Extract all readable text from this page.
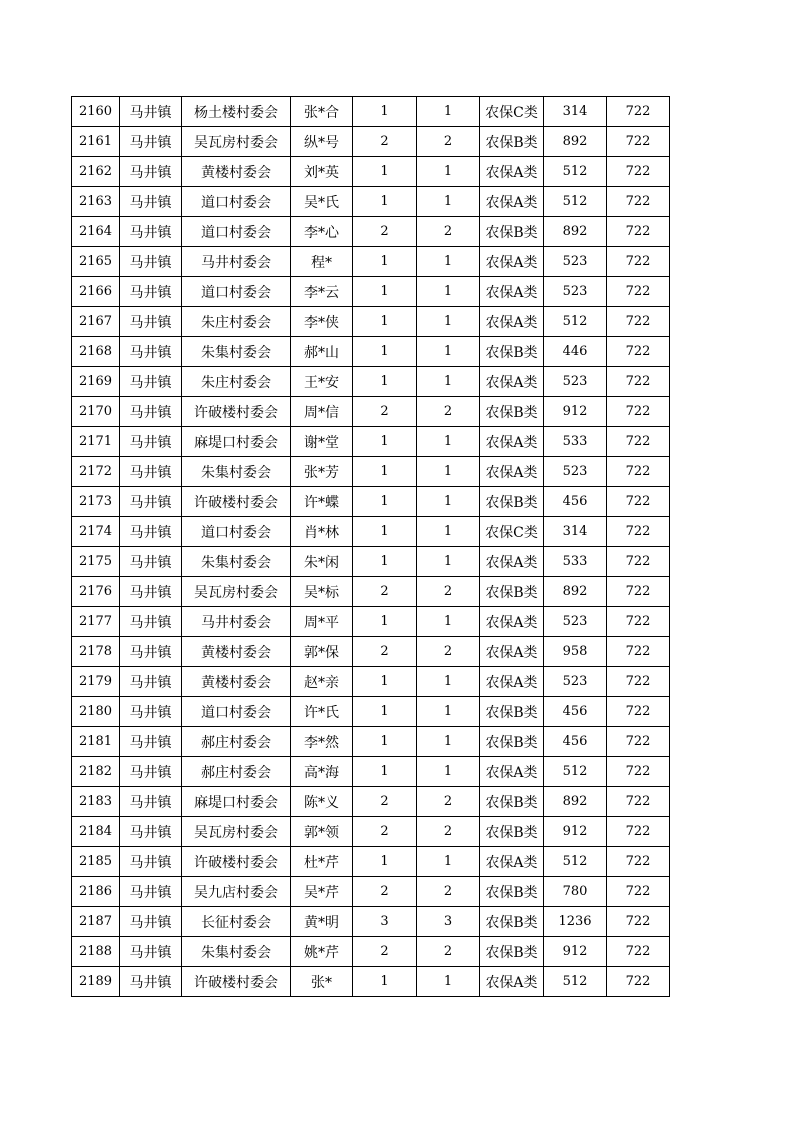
2160	马井镇	杨土楼村委会	张*合	1	1	农保C类	314	722
2161	马井镇	吴瓦房村委会	纵*号	2	2	农保B类	892	722
2162	马井镇	黄楼村委会	刘*英	1	1	农保A类	512	722
2163	马井镇	道口村委会	吴*氏	1	1	农保A类	512	722
2164	马井镇	道口村委会	李*心	2	2	农保B类	892	722
2165	马井镇	马井村委会	程*	1	1	农保A类	523	722
2166	马井镇	道口村委会	李*云	1	1	农保A类	523	722
2167	马井镇	朱庄村委会	李*侠	1	1	农保A类	512	722
2168	马井镇	朱集村委会	郝*山	1	1	农保B类	446	722
2169	马井镇	朱庄村委会	王*安	1	1	农保A类	523	722
2170	马井镇	许破楼村委会	周*信	2	2	农保B类	912	722
2171	马井镇	麻堤口村委会	谢*堂	1	1	农保A类	533	722
2172	马井镇	朱集村委会	张*芳	1	1	农保A类	523	722
2173	马井镇	许破楼村委会	许*蝶	1	1	农保B类	456	722
2174	马井镇	道口村委会	肖*林	1	1	农保C类	314	722
2175	马井镇	朱集村委会	朱*闲	1	1	农保A类	533	722
2176	马井镇	吴瓦房村委会	吴*标	2	2	农保B类	892	722
2177	马井镇	马井村委会	周*平	1	1	农保A类	523	722
2178	马井镇	黄楼村委会	郭*保	2	2	农保A类	958	722
2179	马井镇	黄楼村委会	赵*亲	1	1	农保A类	523	722
2180	马井镇	道口村委会	许*氏	1	1	农保B类	456	722
2181	马井镇	郝庄村委会	李*然	1	1	农保B类	456	722
2182	马井镇	郝庄村委会	高*海	1	1	农保A类	512	722
2183	马井镇	麻堤口村委会	陈*义	2	2	农保B类	892	722
2184	马井镇	吴瓦房村委会	郭*领	2	2	农保B类	912	722
2185	马井镇	许破楼村委会	杜*芹	1	1	农保A类	512	722
2186	马井镇	吴九店村委会	吴*芹	2	2	农保B类	780	722
2187	马井镇	长征村委会	黄*明	3	3	农保B类	1236	722
2188	马井镇	朱集村委会	姚*芹	2	2	农保B类	912	722
2189	马井镇	许破楼村委会	张*	1	1	农保A类	512	722
